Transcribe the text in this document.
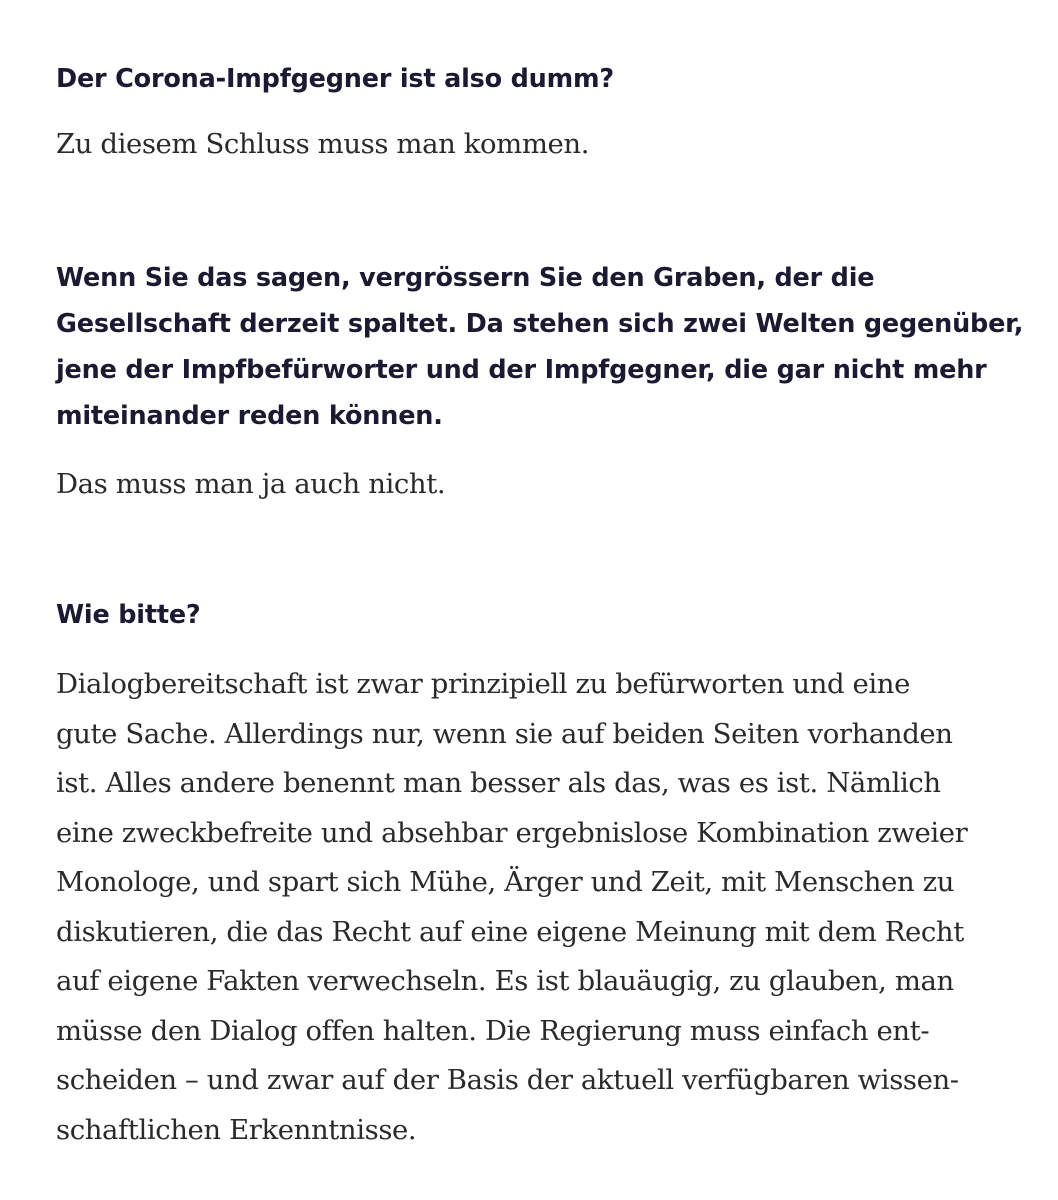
Der Corona-Impfgegner ist also dumm?

Zu diesem Schluss muss man kommen.

Wenn Sie das sagen, vergrössern Sie den Graben, der die
Gesellschaft derzeit spaltet. Da stehen sich zwei Welten gegenüber,
jene der Impfbefürworter und der Impfgegner, die gar nicht mehr
miteinander reden können.

Das muss man ja auch nicht.

Wie bitte?

Dialogbereitschaft ist zwar prinzipiell zu befürworten und eine
gute Sache. Allerdings nur, wenn sie auf beiden Seiten vorhanden
ist. Alles andere benennt man besser als das, was es ist. Nämlich
eine zweckbefreite und absehbar ergebnislose Kombination zweier
Monologe, und spart sich Mühe, Ärger und Zeit, mit Menschen zu
diskutieren, die das Recht auf eine eigene Meinung mit dem Recht
auf eigene Fakten verwechseln. Es ist blauäugig, zu glauben, man
müsse den Dialog offen halten. Die Regierung muss einfach ent-
scheiden – und zwar auf der Basis der aktuell verfügbaren wissen-
schaftlichen Erkenntnisse.
